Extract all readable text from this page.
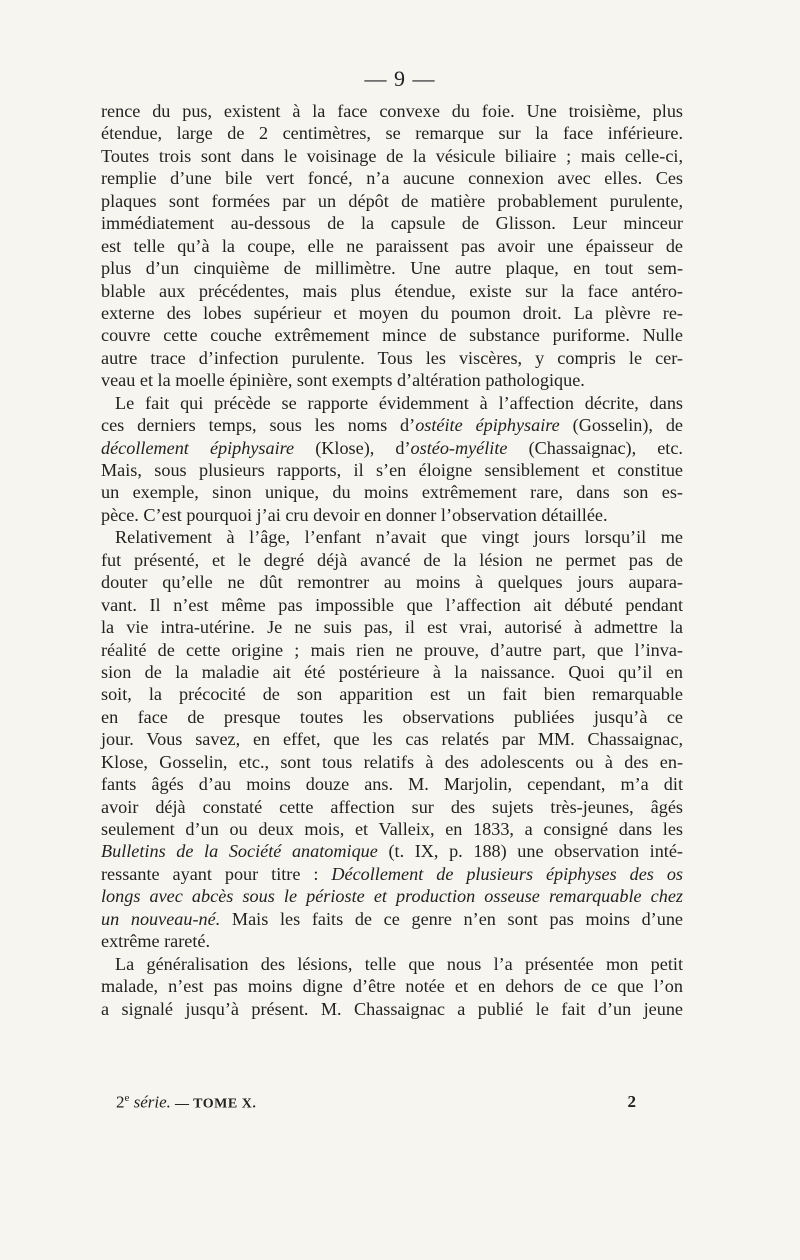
— 9 —
rence du pus, existent à la face convexe du foie. Une troisième, plus
étendue, large de 2 centimètres, se remarque sur la face inférieure.
Toutes trois sont dans le voisinage de la vésicule biliaire ; mais celle-ci,
remplie d’une bile vert foncé, n’a aucune connexion avec elles. Ces
plaques sont formées par un dépôt de matière probablement purulente,
immédiatement au-dessous de la capsule de Glisson. Leur minceur
est telle qu’à la coupe, elle ne paraissent pas avoir une épaisseur de
plus d’un cinquième de millimètre. Une autre plaque, en tout sem-
blable aux précédentes, mais plus étendue, existe sur la face antéro-
externe des lobes supérieur et moyen du poumon droit. La plèvre re-
couvre cette couche extrêmement mince de substance puriforme. Nulle
autre trace d’infection purulente. Tous les viscères, y compris le cer-
veau et la moelle épinière, sont exempts d’altération pathologique.
Le fait qui précède se rapporte évidemment à l’affection décrite, dans
ces derniers temps, sous les noms d’ostéite épiphysaire (Gosselin), de
décollement épiphysaire (Klose), d’ostéo-myélite (Chassaignac), etc.
Mais, sous plusieurs rapports, il s’en éloigne sensiblement et constitue
un exemple, sinon unique, du moins extrêmement rare, dans son es-
pèce. C’est pourquoi j’ai cru devoir en donner l’observation détaillée.
Relativement à l’âge, l’enfant n’avait que vingt jours lorsqu’il me
fut présenté, et le degré déjà avancé de la lésion ne permet pas de
douter qu’elle ne dût remontrer au moins à quelques jours aupara-
vant. Il n’est même pas impossible que l’affection ait débuté pendant
la vie intra-utérine. Je ne suis pas, il est vrai, autorisé à admettre la
réalité de cette origine ; mais rien ne prouve, d’autre part, que l’inva-
sion de la maladie ait été postérieure à la naissance. Quoi qu’il en
soit, la précocité de son apparition est un fait bien remarquable
en face de presque toutes les observations publiées jusqu’à ce
jour. Vous savez, en effet, que les cas relatés par MM. Chassaignac,
Klose, Gosselin, etc., sont tous relatifs à des adolescents ou à des en-
fants âgés d’au moins douze ans. M. Marjolin, cependant, m’a dit
avoir déjà constaté cette affection sur des sujets très-jeunes, âgés
seulement d’un ou deux mois, et Valleix, en 1833, a consigné dans les
Bulletins de la Société anatomique (t. IX, p. 188) une observation inté-
ressante ayant pour titre : Décollement de plusieurs épiphyses des os
longs avec abcès sous le périoste et production osseuse remarquable chez
un nouveau-né. Mais les faits de ce genre n’en sont pas moins d’une
extrême rareté.
La généralisation des lésions, telle que nous l’a présentée mon petit
malade, n’est pas moins digne d’être notée et en dehors de ce que l’on
a signalé jusqu’à présent. M. Chassaignac a publié le fait d’un jeune
2e série. — TOME X.	2
